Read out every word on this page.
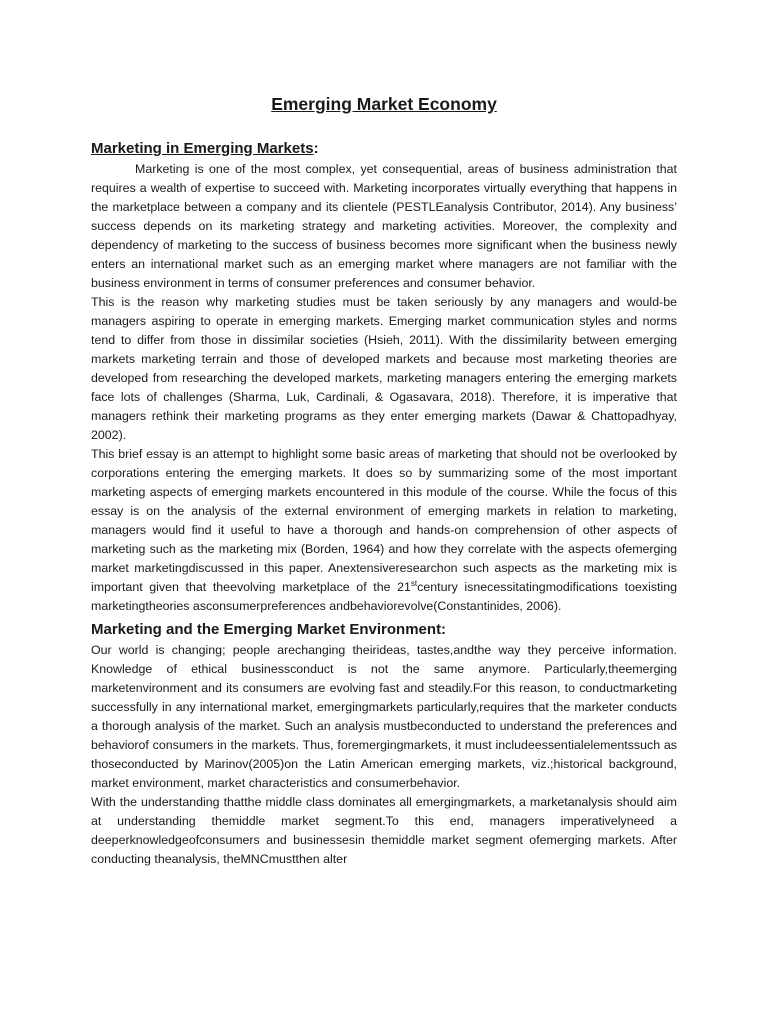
Emerging Market Economy
Marketing in Emerging Markets:

Marketing is one of the most complex, yet consequential, areas of business administration that requires a wealth of expertise to succeed with. Marketing incorporates virtually everything that happens in the marketplace between a company and its clientele (PESTLEanalysis Contributor, 2014). Any business’ success depends on its marketing strategy and marketing activities. Moreover, the complexity and dependency of marketing to the success of business becomes more significant when the business newly enters an international market such as an emerging market where managers are not familiar with the business environment in terms of consumer preferences and consumer behavior.

This is the reason why marketing studies must be taken seriously by any managers and would-be managers aspiring to operate in emerging markets. Emerging market communication styles and norms tend to differ from those in dissimilar societies (Hsieh, 2011). With the dissimilarity between emerging markets marketing terrain and those of developed markets and because most marketing theories are developed from researching the developed markets, marketing managers entering the emerging markets face lots of challenges (Sharma, Luk, Cardinali, & Ogasavara, 2018). Therefore, it is imperative that managers rethink their marketing programs as they enter emerging markets (Dawar & Chattopadhyay, 2002).

This brief essay is an attempt to highlight some basic areas of marketing that should not be overlooked by corporations entering the emerging markets. It does so by summarizing some of the most important marketing aspects of emerging markets encountered in this module of the course. While the focus of this essay is on the analysis of the external environment of emerging markets in relation to marketing, managers would find it useful to have a thorough and hands-on comprehension of other aspects of marketing such as the marketing mix (Borden, 1964) and how they correlate with the aspects ofemerging market marketingdiscussed in this paper. Anextensiveresearchon such aspects as the marketing mix is important given that theevolving marketplace of the 21stcentury isnecessitatingmodifications toexisting marketingtheories asconsumerpreferences andbehaviorevolve(Constantinides, 2006).

Marketing and the Emerging Market Environment:

Our world is changing; people arechanging theirideas, tastes,andthe way they perceive information. Knowledge of ethical businessconduct is not the same anymore. Particularly,theemerging marketenvironment and its consumers are evolving fast and steadily.For this reason, to conductmarketing successfully in any international market, emergingmarkets particularly,requires that the marketer conducts a thorough analysis of the market. Such an analysis mustbeconducted to understand the preferences and behaviorof consumers in the markets. Thus, foremergingmarkets, it must includeessentialelementssuch as thoseconducted by Marinov(2005)on the Latin American emerging markets, viz.;historical background, market environment, market characteristics and consumerbehavior.

With the understanding thatthe middle class dominates all emergingmarkets, a marketanalysis should aim at understanding themiddle market segment.To this end, managers imperativelyneed a deeperknowledgeofconsumers and businessesin themiddle market segment ofemerging markets. After conducting theanalysis, theMNCmustthen alter
